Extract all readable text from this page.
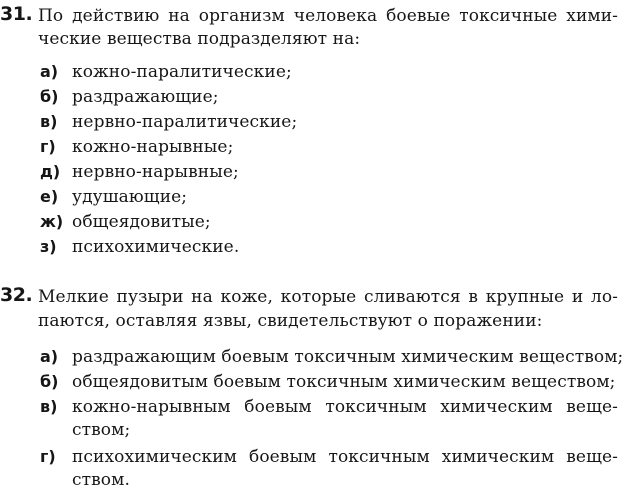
31. По действию на организм человека боевые токсичные хими-
ческие вещества подразделяют на:
а) кожно-паралитические;
б) раздражающие;
в) нервно-паралитические;
г) кожно-нарывные;
д) нервно-нарывные;
е) удушающие;
ж) общеядовитые;
з) психохимические.
32. Мелкие пузыри на коже, которые сливаются в крупные и ло-
паются, оставляя язвы, свидетельствуют о поражении:
а) раздражающим боевым токсичным химическим веществом;
б) общеядовитым боевым токсичным химическим веществом;
в) кожно-нарывным боевым токсичным химическим веще-
ством;
г) психохимическим боевым токсичным химическим веще-
ством.
